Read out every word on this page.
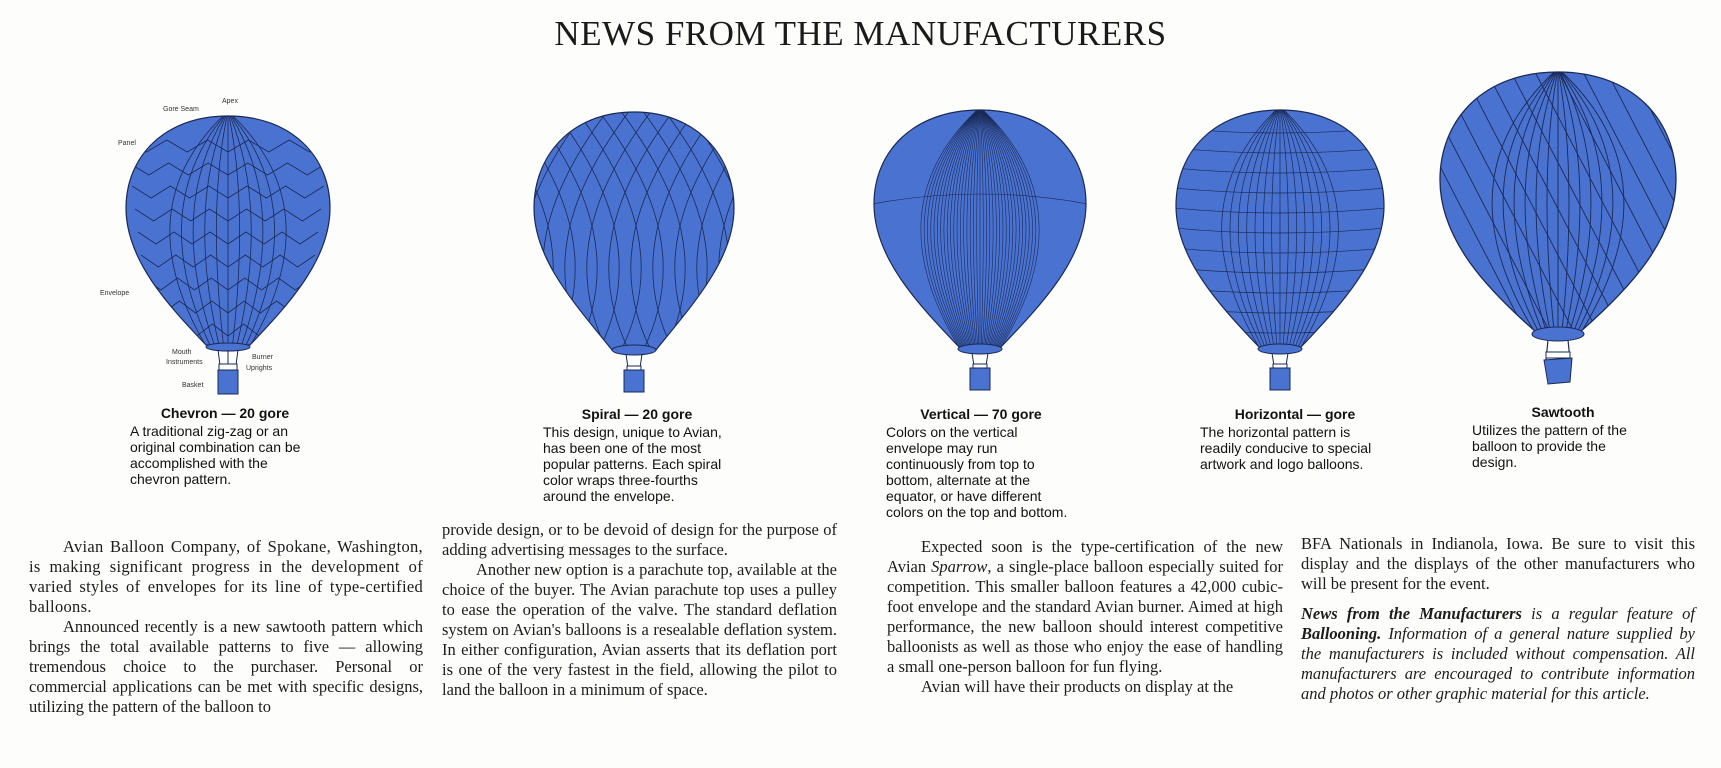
NEWS FROM THE MANUFACTURERS
Apex
Gore Seam
Panel
Envelope
Mouth
Instruments
Burner
Uprights
Basket
Chevron — 20 gore
A traditional zig-zag or an original combination can be accomplished with the chevron pattern.
Spiral — 20 gore
This design, unique to Avian, has been one of the most popular patterns. Each spiral color wraps three-fourths around the envelope.
Vertical — 70 gore
Colors on the vertical envelope may run continuously from top to bottom, alternate at the equator, or have different colors on the top and bottom.
Horizontal — gore
The horizontal pattern is readily conducive to special artwork and logo balloons.
Sawtooth
Utilizes the pattern of the balloon to provide the design.

Avian Balloon Company, of Spokane, Washington, is making significant progress in the development of varied styles of envelopes for its line of type-certified balloons.

Announced recently is a new sawtooth pattern which brings the total available patterns to five — allowing tremendous choice to the purchaser. Personal or commercial applications can be met with specific designs, utilizing the pattern of the balloon to

provide design, or to be devoid of design for the purpose of adding advertising messages to the surface.

Another new option is a parachute top, available at the choice of the buyer. The Avian parachute top uses a pulley to ease the operation of the valve. The standard deflation system on Avian's balloons is a resealable deflation system. In either configuration, Avian asserts that its deflation port is one of the very fastest in the field, allowing the pilot to land the balloon in a minimum of space.

Expected soon is the type-certification of the new Avian Sparrow, a single-place balloon especially suited for competition. This smaller balloon features a 42,000 cubic-foot envelope and the standard Avian burner. Aimed at high performance, the new balloon should interest competitive balloonists as well as those who enjoy the ease of handling a small one-person balloon for fun flying.

Avian will have their products on display at the

BFA Nationals in Indianola, Iowa. Be sure to visit this display and the displays of the other manufacturers who will be present for the event.

News from the Manufacturers is a regular feature of Ballooning. Information of a general nature supplied by the manufacturers is included without compensation. All manufacturers are encouraged to contribute information and photos or other graphic material for this article.
